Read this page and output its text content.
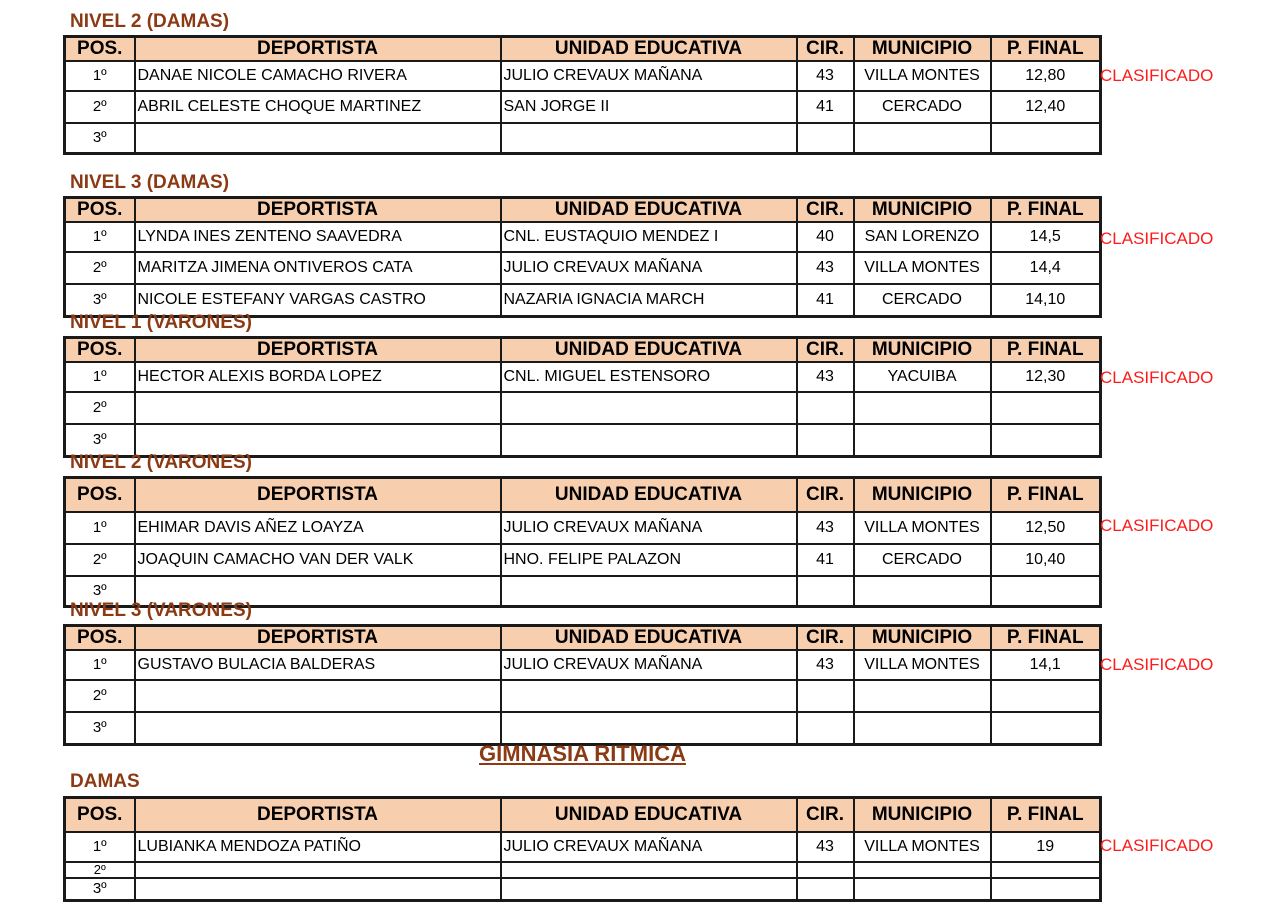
NIVEL 2 (DAMAS)
POS.	DEPORTISTA	UNIDAD EDUCATIVA	CIR.	MUNICIPIO	P. FINAL
1º	DANAE NICOLE CAMACHO RIVERA	JULIO CREVAUX MAÑANA	43	VILLA MONTES	12,80
2º	ABRIL CELESTE CHOQUE MARTINEZ	SAN JORGE II	41	CERCADO	12,40
3º					
CLASIFICADO
NIVEL 3 (DAMAS)
POS.	DEPORTISTA	UNIDAD EDUCATIVA	CIR.	MUNICIPIO	P. FINAL
1º	LYNDA INES ZENTENO SAAVEDRA	CNL. EUSTAQUIO MENDEZ I	40	SAN LORENZO	14,5
2º	MARITZA JIMENA ONTIVEROS CATA	JULIO CREVAUX MAÑANA	43	VILLA MONTES	14,4
3º	NICOLE ESTEFANY VARGAS CASTRO	NAZARIA IGNACIA MARCH	41	CERCADO	14,10
CLASIFICADO
NIVEL 1 (VARONES)
POS.	DEPORTISTA	UNIDAD EDUCATIVA	CIR.	MUNICIPIO	P. FINAL
1º	HECTOR ALEXIS BORDA LOPEZ	CNL. MIGUEL ESTENSORO	43	YACUIBA	12,30
2º					
3º					
CLASIFICADO
NIVEL 2 (VARONES)
POS.	DEPORTISTA	UNIDAD EDUCATIVA	CIR.	MUNICIPIO	P. FINAL
1º	EHIMAR DAVIS AÑEZ LOAYZA	JULIO CREVAUX MAÑANA	43	VILLA MONTES	12,50
2º	JOAQUIN CAMACHO VAN DER VALK	HNO. FELIPE PALAZON	41	CERCADO	10,40
3º					
CLASIFICADO
NIVEL 3 (VARONES)
POS.	DEPORTISTA	UNIDAD EDUCATIVA	CIR.	MUNICIPIO	P. FINAL
1º	GUSTAVO BULACIA BALDERAS	JULIO CREVAUX MAÑANA	43	VILLA MONTES	14,1
2º					
3º					
CLASIFICADO
DAMAS
POS.	DEPORTISTA	UNIDAD EDUCATIVA	CIR.	MUNICIPIO	P. FINAL
1º	LUBIANKA MENDOZA PATIÑO	JULIO CREVAUX MAÑANA	43	VILLA MONTES	19
2º					
3º					
CLASIFICADO
GIMNASIA RITMICA
